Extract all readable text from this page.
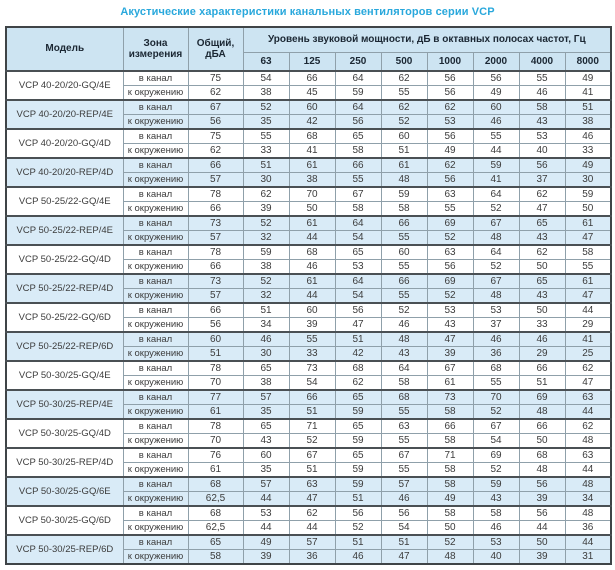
Акустические характеристики канальных вентиляторов серии VCP
Модель	Зона измерения	Общий, дБА	Уровень звуковой мощности, дБ в октавных полосах частот, Гц							
			63	125	250	500	1000	2000	4000	8000
VCP 40-20/20-GQ/4E	в канал	75	54	66	64	62	56	56	55	49
	к окружению	62	38	45	59	55	56	49	46	41
VCP 40-20/20-REP/4E	в канал	67	52	60	64	62	62	60	58	51
	к окружению	56	35	42	56	52	53	46	43	38
VCP 40-20/20-GQ/4D	в канал	75	55	68	65	60	56	55	53	46
	к окружению	62	33	41	58	51	49	44	40	33
VCP 40-20/20-REP/4D	в канал	66	51	61	66	61	62	59	56	49
	к окружению	57	30	38	55	48	56	41	37	30
VCP 50-25/22-GQ/4E	в канал	78	62	70	67	59	63	64	62	59
	к окружению	66	39	50	58	58	55	52	47	50
VCP 50-25/22-REP/4E	в канал	73	52	61	64	66	69	67	65	61
	к окружению	57	32	44	54	55	52	48	43	47
VCP 50-25/22-GQ/4D	в канал	78	59	68	65	60	63	64	62	58
	к окружению	66	38	46	53	55	56	52	50	55
VCP 50-25/22-REP/4D	в канал	73	52	61	64	66	69	67	65	61
	к окружению	57	32	44	54	55	52	48	43	47
VCP 50-25/22-GQ/6D	в канал	66	51	60	56	52	53	53	50	44
	к окружению	56	34	39	47	46	43	37	33	29
VCP 50-25/22-REP/6D	в канал	60	46	55	51	48	47	46	46	41
	к окружению	51	30	33	42	43	39	36	29	25
VCP 50-30/25-GQ/4E	в канал	78	65	73	68	64	67	68	66	62
	к окружению	70	38	54	62	58	61	55	51	47
VCP 50-30/25-REP/4E	в канал	77	57	66	65	68	73	70	69	63
	к окружению	61	35	51	59	55	58	52	48	44
VCP 50-30/25-GQ/4D	в канал	78	65	71	65	63	66	67	66	62
	к окружению	70	43	52	59	55	58	54	50	48
VCP 50-30/25-REP/4D	в канал	76	60	67	65	67	71	69	68	63
	к окружению	61	35	51	59	55	58	52	48	44
VCP 50-30/25-GQ/6E	в канал	68	57	63	59	57	58	59	56	48
	к окружению	62,5	44	47	51	46	49	43	39	34
VCP 50-30/25-GQ/6D	в канал	68	53	62	56	56	58	58	56	48
	к окружению	62,5	44	44	52	54	50	46	44	36
VCP 50-30/25-REP/6D	в канал	65	49	57	51	51	52	53	50	44
	к окружению	58	39	36	46	47	48	40	39	31
